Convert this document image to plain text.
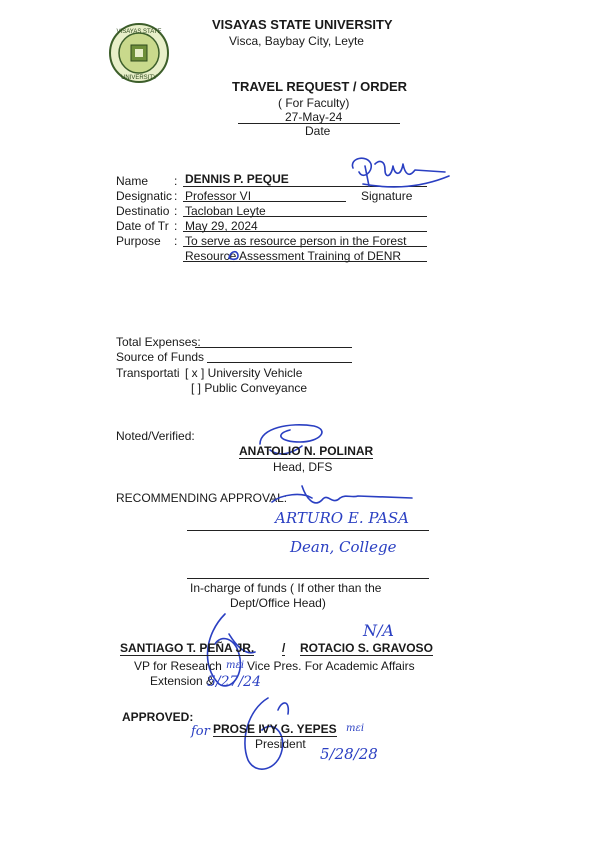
VISAYAS STATE
UNIVERSITY
VISAYAS STATE UNIVERSITY
Visca, Baybay City, Leyte
TRAVEL REQUEST / ORDER
( For Faculty)
27-May-24
Date
Name : DENNIS P. PEQUE
Designatic : Professor VI	Signature
Destinatio : Tacloban Leyte
Date of Tr : May 29, 2024
Purpose : To serve as resource person in the Forest
Resource Assessment Training of DENR
Total Expenses:
Source of Funds
Transportati [ x ] University Vehicle
[ ] Public Conveyance
Noted/Verified:
ANATOLIO N. POLINAR
Head, DFS
RECOMMENDING APPROVAL:
ARTURO E. PASA
Dean, College
In-charge of funds ( If other than the
Dept/Office Head)
N/A
SANTIAGO T. PEÑA JR. / ROTACIO S. GRAVOSO
VP for Research mɛi Vice Pres. For Academic Affairs
Extension &
5/27/24
APPROVED:
for PROSE IVY G. YEPES mɛi
President
5/28/28
